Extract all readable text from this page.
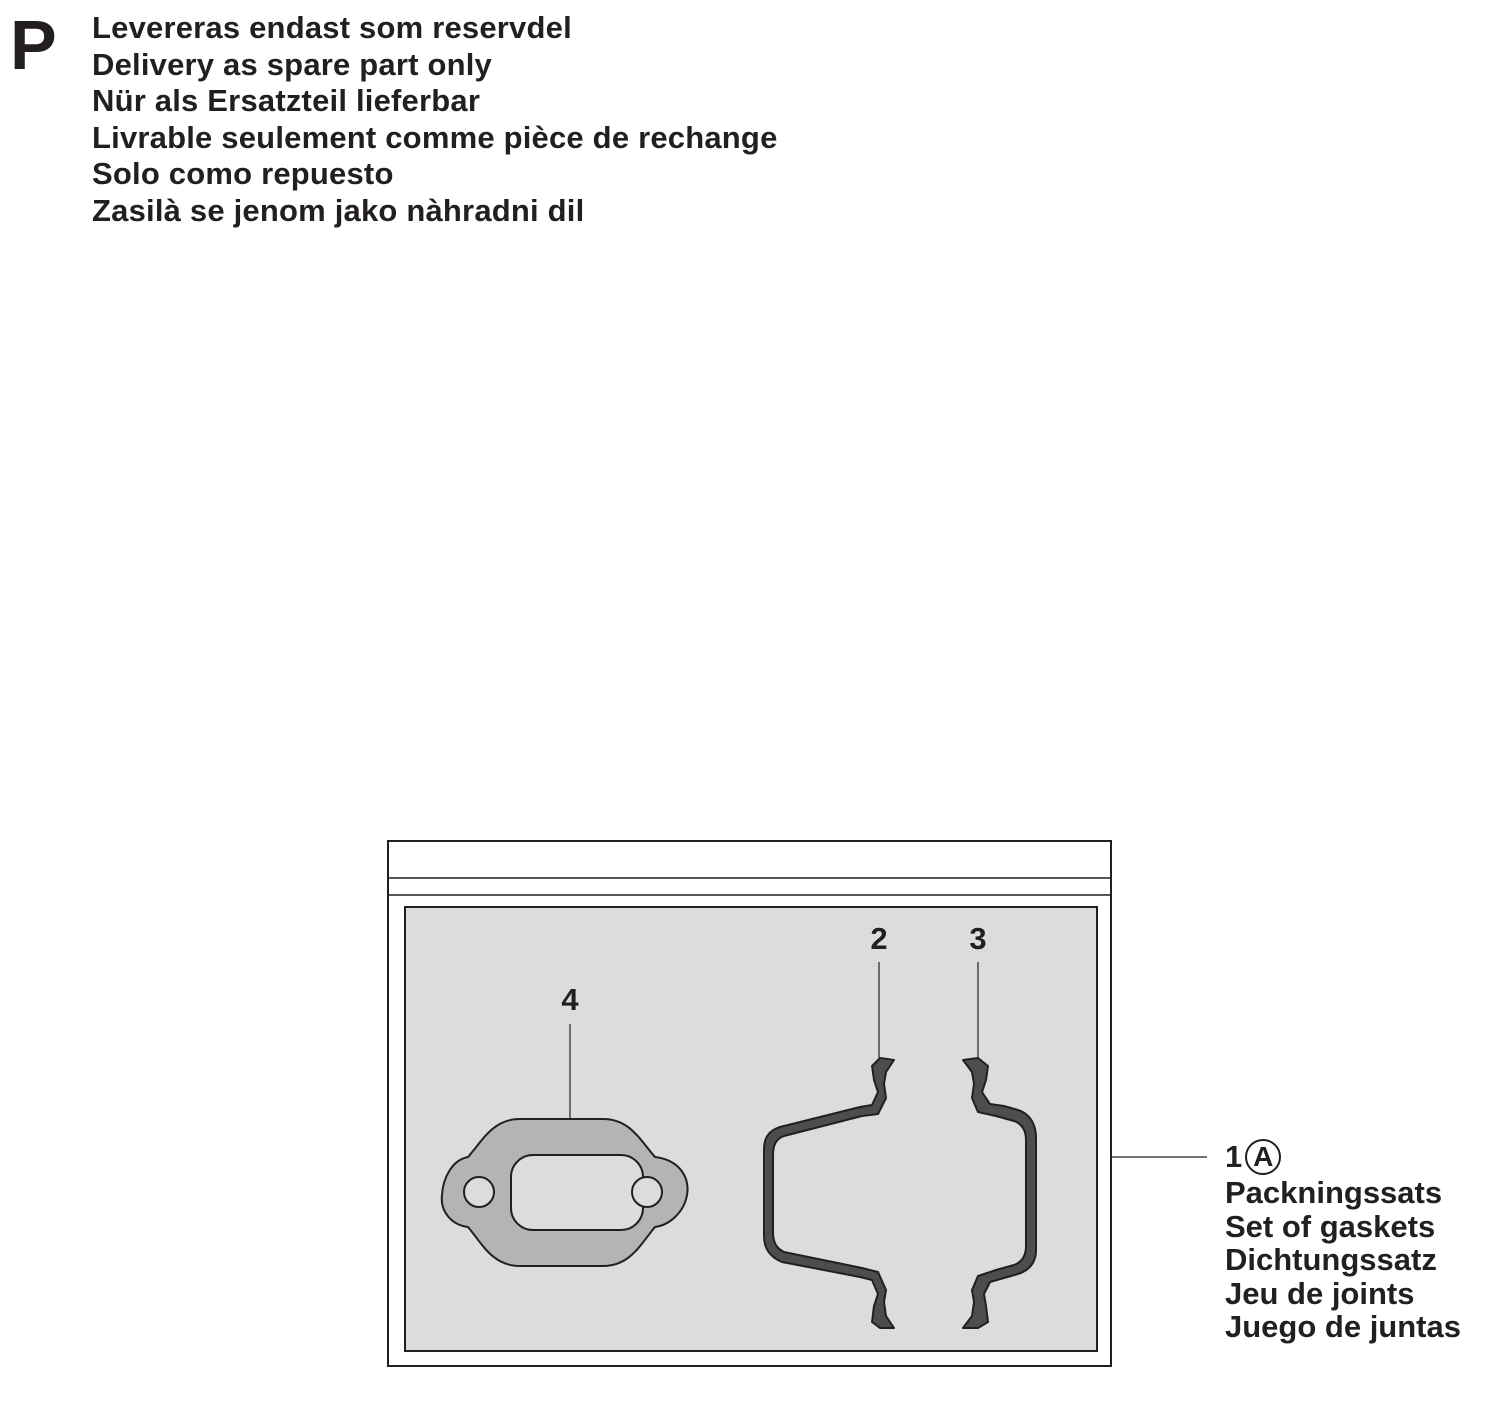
P Levereras endast som reservdel
Delivery as spare part only
Nür als Ersatzteil lieferbar
Livrable seulement comme pièce de rechange
Solo como repuesto
Zasilà se jenom jako nàhradni dil
4
2	3
1 A
Packningssats
Set of gaskets
Dichtungssatz
Jeu de joints
Juego de juntas
